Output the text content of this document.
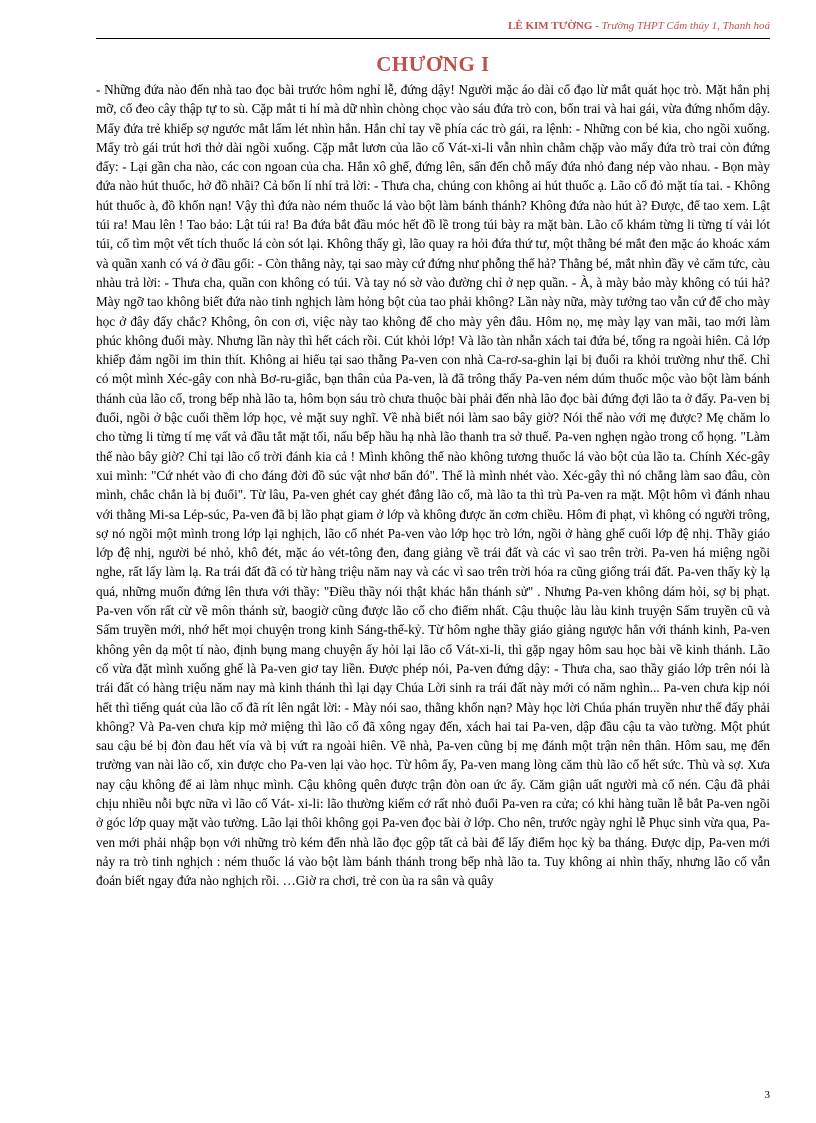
LÊ KIM TƯỜNG - Trường THPT Cẩm thủy 1, Thanh hoá
CHƯƠNG I

- Những đứa nào đến nhà tao đọc bài trước hôm nghỉ lễ, đứng dậy! Người mặc áo dài cổ đạo lừ mắt quát học trò. Mặt hắn phị mỡ, cổ đeo cây thập tự to sù. Cặp mắt ti hí mà dữ nhìn chòng chọc vào sáu đứa trò con, bốn trai và hai gái, vừa đứng nhổm dậy. Mấy đứa trẻ khiếp sợ ngước mắt lấm lét nhìn hắn. Hắn chỉ tay về phía các trò gái, ra lệnh: - Những con bé kia, cho ngồi xuống. Mấy trò gái trút hơi thở dài ngồi xuống. Cặp mắt lươn của lão cố Vát-xi-li vẫn nhìn chằm chặp vào mấy đứa trò trai còn đứng đấy: - Lại gần cha nào, các con ngoan của cha. Hắn xô ghế, đứng lên, sấn đến chỗ mấy đứa nhỏ đang nép vào nhau. - Bọn mày đứa nào hút thuốc, hở đồ nhãi? Cả bốn lí nhí trả lời: - Thưa cha, chúng con không ai hút thuốc ạ. Lão cố đỏ mặt tía tai. - Không hút thuốc à, đồ khốn nạn! Vậy thì đứa nào ném thuốc lá vào bột làm bánh thánh? Không đứa nào hút à? Được, để tao xem. Lật túi ra! Mau lên ! Tao bảo: Lật túi ra! Ba đứa bắt đầu móc hết đồ lề trong túi bày ra mặt bàn. Lão cố khám từng li từng tí vải lót túi, cố tìm một vết tích thuốc lá còn sót lại. Không thấy gì, lão quay ra hỏi đứa thứ tư, một thằng bé mắt đen mặc áo khoác xám và quần xanh có vá ở đầu gối: - Còn thằng này, tại sao mày cứ đứng như phỗng thế hả? Thằng bé, mắt nhìn đầy vẻ căm tức, càu nhàu trả lời: - Thưa cha, quần con không có túi. Và tay nó sờ vào đường chỉ ở nẹp quần. - À, à mày bảo mày không có túi hả? Mày ngỡ tao không biết đứa nào tinh nghịch làm hỏng bột của tao phải không? Lần này nữa, mày tưởng tao vẫn cứ để cho mày học ở đây đấy chắc? Không, ôn con ơi, việc này tao không để cho mày yên đâu. Hôm nọ, mẹ mày lạy van mãi, tao mới làm phúc không đuổi mày. Nhưng lần này thì hết cách rồi. Cút khỏi lớp! Và lão tàn nhẫn xách tai đứa bé, tống ra ngoài hiên. Cả lớp khiếp đảm ngồi im thin thít. Không ai hiểu tại sao thằng Pa-ven con nhà Ca-rơ-sa-ghin lại bị đuổi ra khỏi trường như thế. Chỉ có một mình Xéc-gây con nhà Bơ-ru-giắc, bạn thân của Pa-ven, là đã trông thấy Pa-ven ném dúm thuốc mộc vào bột làm bánh thánh của lão cố, trong bếp nhà lão ta, hôm bọn sáu trò chưa thuộc bài phải đến nhà lão đọc bài đứng đợi lão ta ở đấy. Pa-ven bị đuổi, ngồi ở bậc cuối thềm lớp học, vẻ mặt suy nghĩ. Về nhà biết nói làm sao bây giờ? Nói thế nào với mẹ được? Mẹ chăm lo cho từng li từng tí mẹ vất vả đầu tắt mặt tối, nấu bếp hầu hạ nhà lão thanh tra sở thuế. Pa-ven nghẹn ngào trong cổ họng. "Làm thế nào bây giờ? Chỉ tại lão cố trời đánh kia cả ! Mình không thể nào không tương thuốc lá vào bột của lão ta. Chính Xéc-gây xui mình: "Cứ nhét vào đi cho đáng đời đồ súc vật nhơ bẩn đó". Thế là mình nhét vào. Xéc-gây thì nó chẳng làm sao đâu, còn mình, chắc chắn là bị đuổi". Từ lâu, Pa-ven ghét cay ghét đắng lão cố, mà lão ta thì trù Pa-ven ra mặt. Một hôm vì đánh nhau với thằng Mi-sa Lép-súc, Pa-ven đã bị lão phạt giam ở lớp và không được ăn cơm chiều. Hôm đi phạt, vì không có người trông, sợ nó ngồi một mình trong lớp lại nghịch, lão cố nhét Pa-ven vào lớp học trò lớn, ngồi ở hàng ghế cuối lớp đệ nhị. Thầy giáo lớp đệ nhị, người bé nhỏ, khô đét, mặc áo vét-tông đen, đang giảng về trái đất và các vì sao trên trời. Pa-ven há miệng ngồi nghe, rất lấy làm lạ. Ra trái đất đã có từ hàng triệu năm nay và các vì sao trên trời hóa ra cũng giống trái đất. Pa-ven thấy kỳ lạ quá, những muốn đứng lên thưa với thầy: "Điều thầy nói thật khác hẳn thánh sử" . Nhưng Pa-ven không dám hỏi, sợ bị phạt. Pa-ven vốn rất cừ về môn thánh sử, baogiờ cũng được lão cố cho điểm nhất. Cậu thuộc làu làu kinh truyện Sấm truyền cũ và Sấm truyền mới, nhớ hết mọi chuyện trong kinh Sáng-thế-kỷ. Từ hôm nghe thầy giáo giảng ngược hẳn với thánh kinh, Pa-ven không yên dạ một tí nào, định bụng mang chuyện ấy hỏi lại lão cố Vát-xi-li, thì gặp ngay hôm sau học bài về kinh thánh. Lão cố vừa đặt mình xuống ghế là Pa-ven giơ tay liền. Được phép nói, Pa-ven đứng dậy: - Thưa cha, sao thầy giáo lớp trên nói là trái đất có hàng triệu năm nay mà kinh thánh thì lại dạy Chúa Lời sinh ra trái đất này mới có năm nghìn... Pa-ven chưa kịp nói hết thì tiếng quát của lão cố đã rít lên ngắt lời: - Mày nói sao, thằng khốn nạn? Mày học lời Chúa phán truyền như thế đấy phải không? Và Pa-ven chưa kịp mở miệng thì lão cố đã xông ngay đến, xách hai tai Pa-ven, dập đầu cậu ta vào tường. Một phút sau cậu bé bị đòn đau hết vía và bị vứt ra ngoài hiên. Về nhà, Pa-ven cũng bị mẹ đánh một trận nên thân. Hôm sau, mẹ đến trường van nài lão cố, xin được cho Pa-ven lại vào học. Từ hôm ấy, Pa-ven mang lòng căm thù lão cố hết sức. Thù và sợ. Xưa nay cậu không để ai làm nhục mình. Cậu không quên được trận đòn oan ức ấy. Căm giận uất người mà cố nén. Cậu đã phải chịu nhiều nỗi bực nữa vì lão cố Vát- xi-li: lão thường kiếm cớ rất nhỏ đuổi Pa-ven ra cửa; có khi hàng tuần lễ bắt Pa-ven ngồi ở góc lớp quay mặt vào tường. Lão lại thôi không gọi Pa-ven đọc bài ở lớp. Cho nên, trước ngày nghỉ lễ Phục sinh vừa qua, Pa-ven mới phải nhập bọn với những trò kém đến nhà lão đọc gộp tất cả bài để lấy điểm học kỳ ba tháng. Được dịp, Pa-ven mới nảy ra trò tinh nghịch : ném thuốc lá vào bột làm bánh thánh trong bếp nhà lão ta. Tuy không ai nhìn thấy, nhưng lão cố vẫn đoán biết ngay đứa nào nghịch rồi. …Giờ ra chơi, trẻ con ùa ra sân và quây

3
